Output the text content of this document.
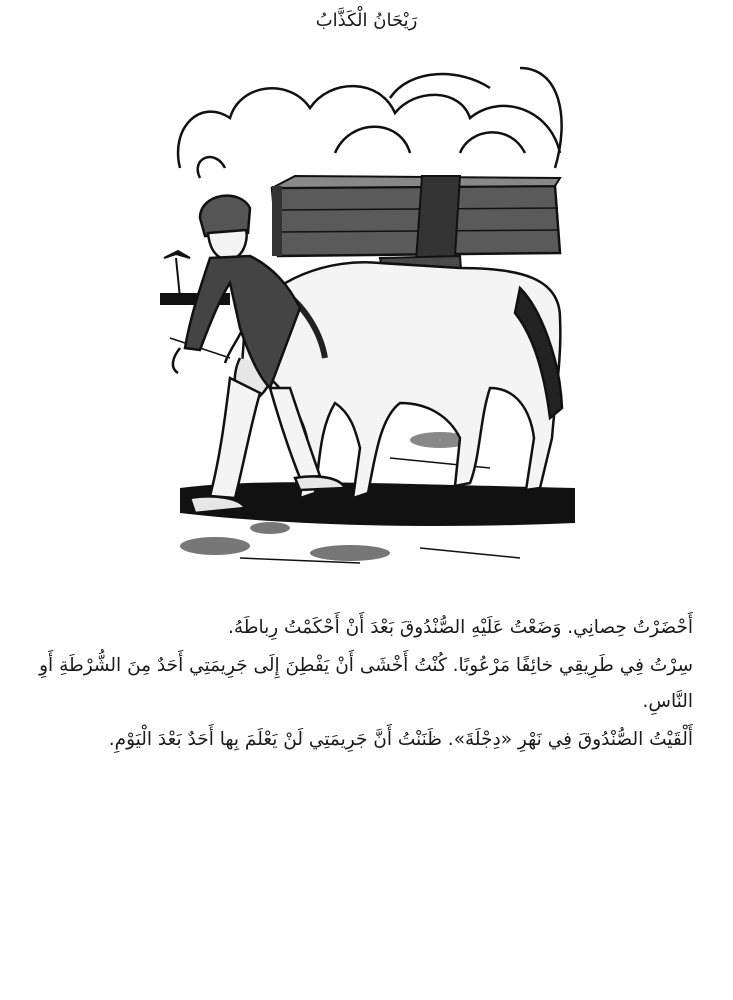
رَيْحَانُ الْكَذَّابُ

أَحْضَرْتُ حِصانِي. وَضَعْتُ عَلَيْهِ الصُّنْدُوقَ بَعْدَ أَنْ أَحْكَمْتُ رِباطَهُ.

سِرْتُ فِي طَرِيقِي خائِفًا مَرْعُوبًا. كُنْتُ أَخْشَى أَنْ يَفْطِنَ إِلَى جَرِيمَتِي أَحَدٌ مِنَ الشُّرْطَةِ أَوِ النَّاسِ.

أَلْقَيْتُ الصُّنْدُوقَ فِي نَهْرِ «دِجْلَةَ». ظَنَنْتُ أَنَّ جَرِيمَتِي لَنْ يَعْلَمَ بِها أَحَدٌ بَعْدَ الْيَوْمِ.
